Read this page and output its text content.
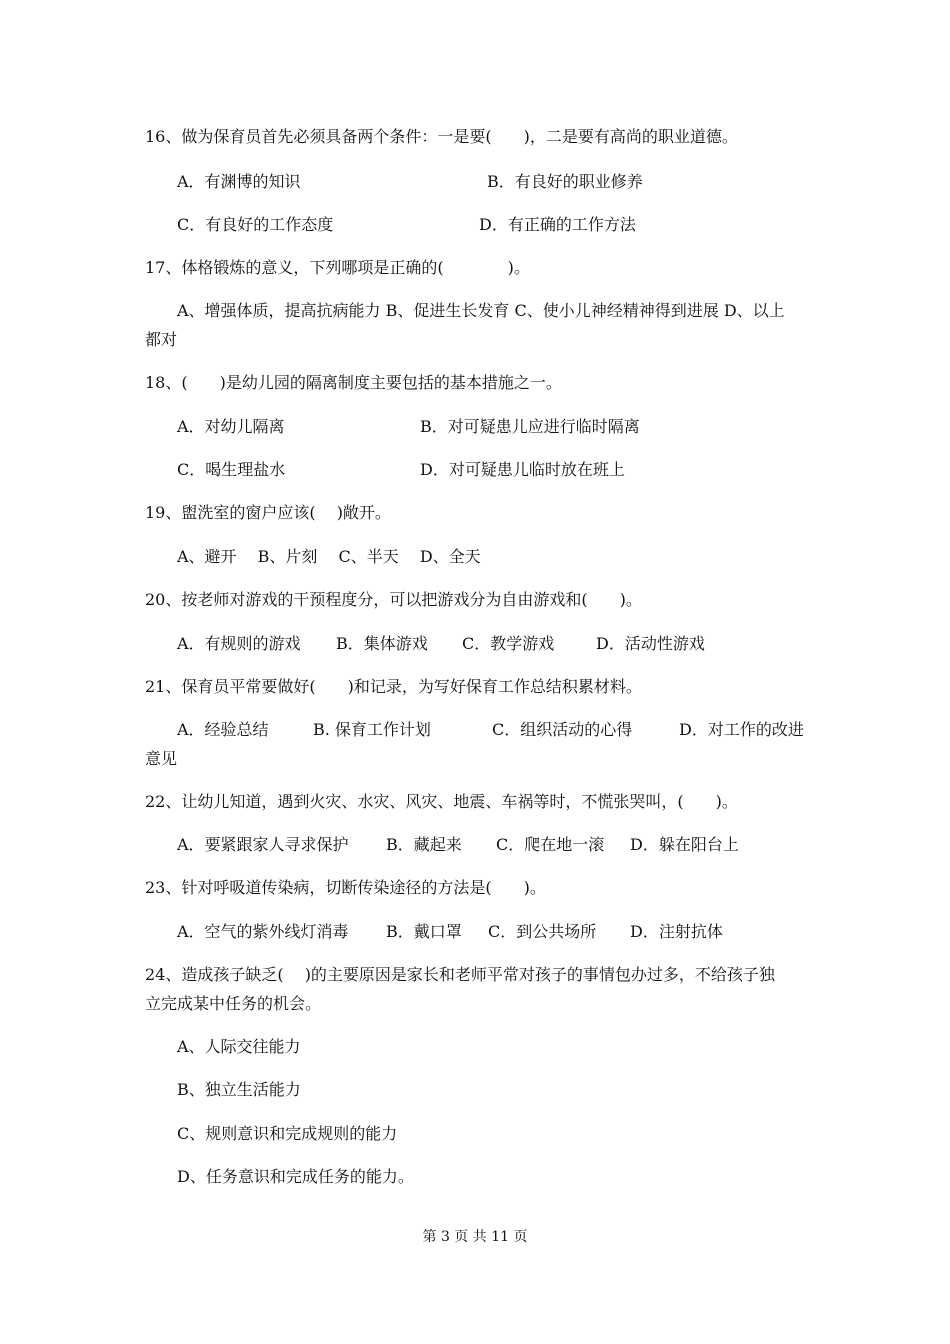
16、做为保育员首先必须具备两个条件：一是要(　　)，二是要有高尚的职业道德。
A．有渊博的知识	B．有良好的职业修养
C．有良好的工作态度	D．有正确的工作方法
17、体格锻炼的意义，下列哪项是正确的(　　　　)。
A、增强体质，提高抗病能力 B、促进生长发育 C、使小儿神经精神得到进展 D、以上
都对
18、(　　)是幼儿园的隔离制度主要包括的基本措施之一。
A．对幼儿隔离	B．对可疑患儿应进行临时隔离
C．喝生理盐水	D．对可疑患儿临时放在班上
19、盥洗室的窗户应该(　 )敞开。
A、避开　 B、片刻　 C、半天　 D、全天
20、按老师对游戏的干预程度分，可以把游戏分为自由游戏和(　　)。
A．有规则的游戏 B．集体游戏 C．教学游戏	D．活动性游戏
21、保育员平常要做好(　　)和记录，为写好保育工作总结积累材料。
A．经验总结	B. 保育工作计划	C．组织活动的心得	D．对工作的改进
意见
22、让幼儿知道，遇到火灾、水灾、风灾、地震、车祸等时，不慌张哭叫，(　　)。
A．要紧跟家人寻求保护 B．藏起来 C．爬在地一滚 D．躲在阳台上
23、针对呼吸道传染病，切断传染途径的方法是(　　)。
A．空气的紫外线灯消毒 B．戴口罩 C．到公共场所 D．注射抗体
24、造成孩子缺乏(　 )的主要原因是家长和老师平常对孩子的事情包办过多，不给孩子独
立完成某中任务的机会。
A、人际交往能力
B、独立生活能力
C、规则意识和完成规则的能力
D、任务意识和完成任务的能力。
第 3 页 共 11 页
